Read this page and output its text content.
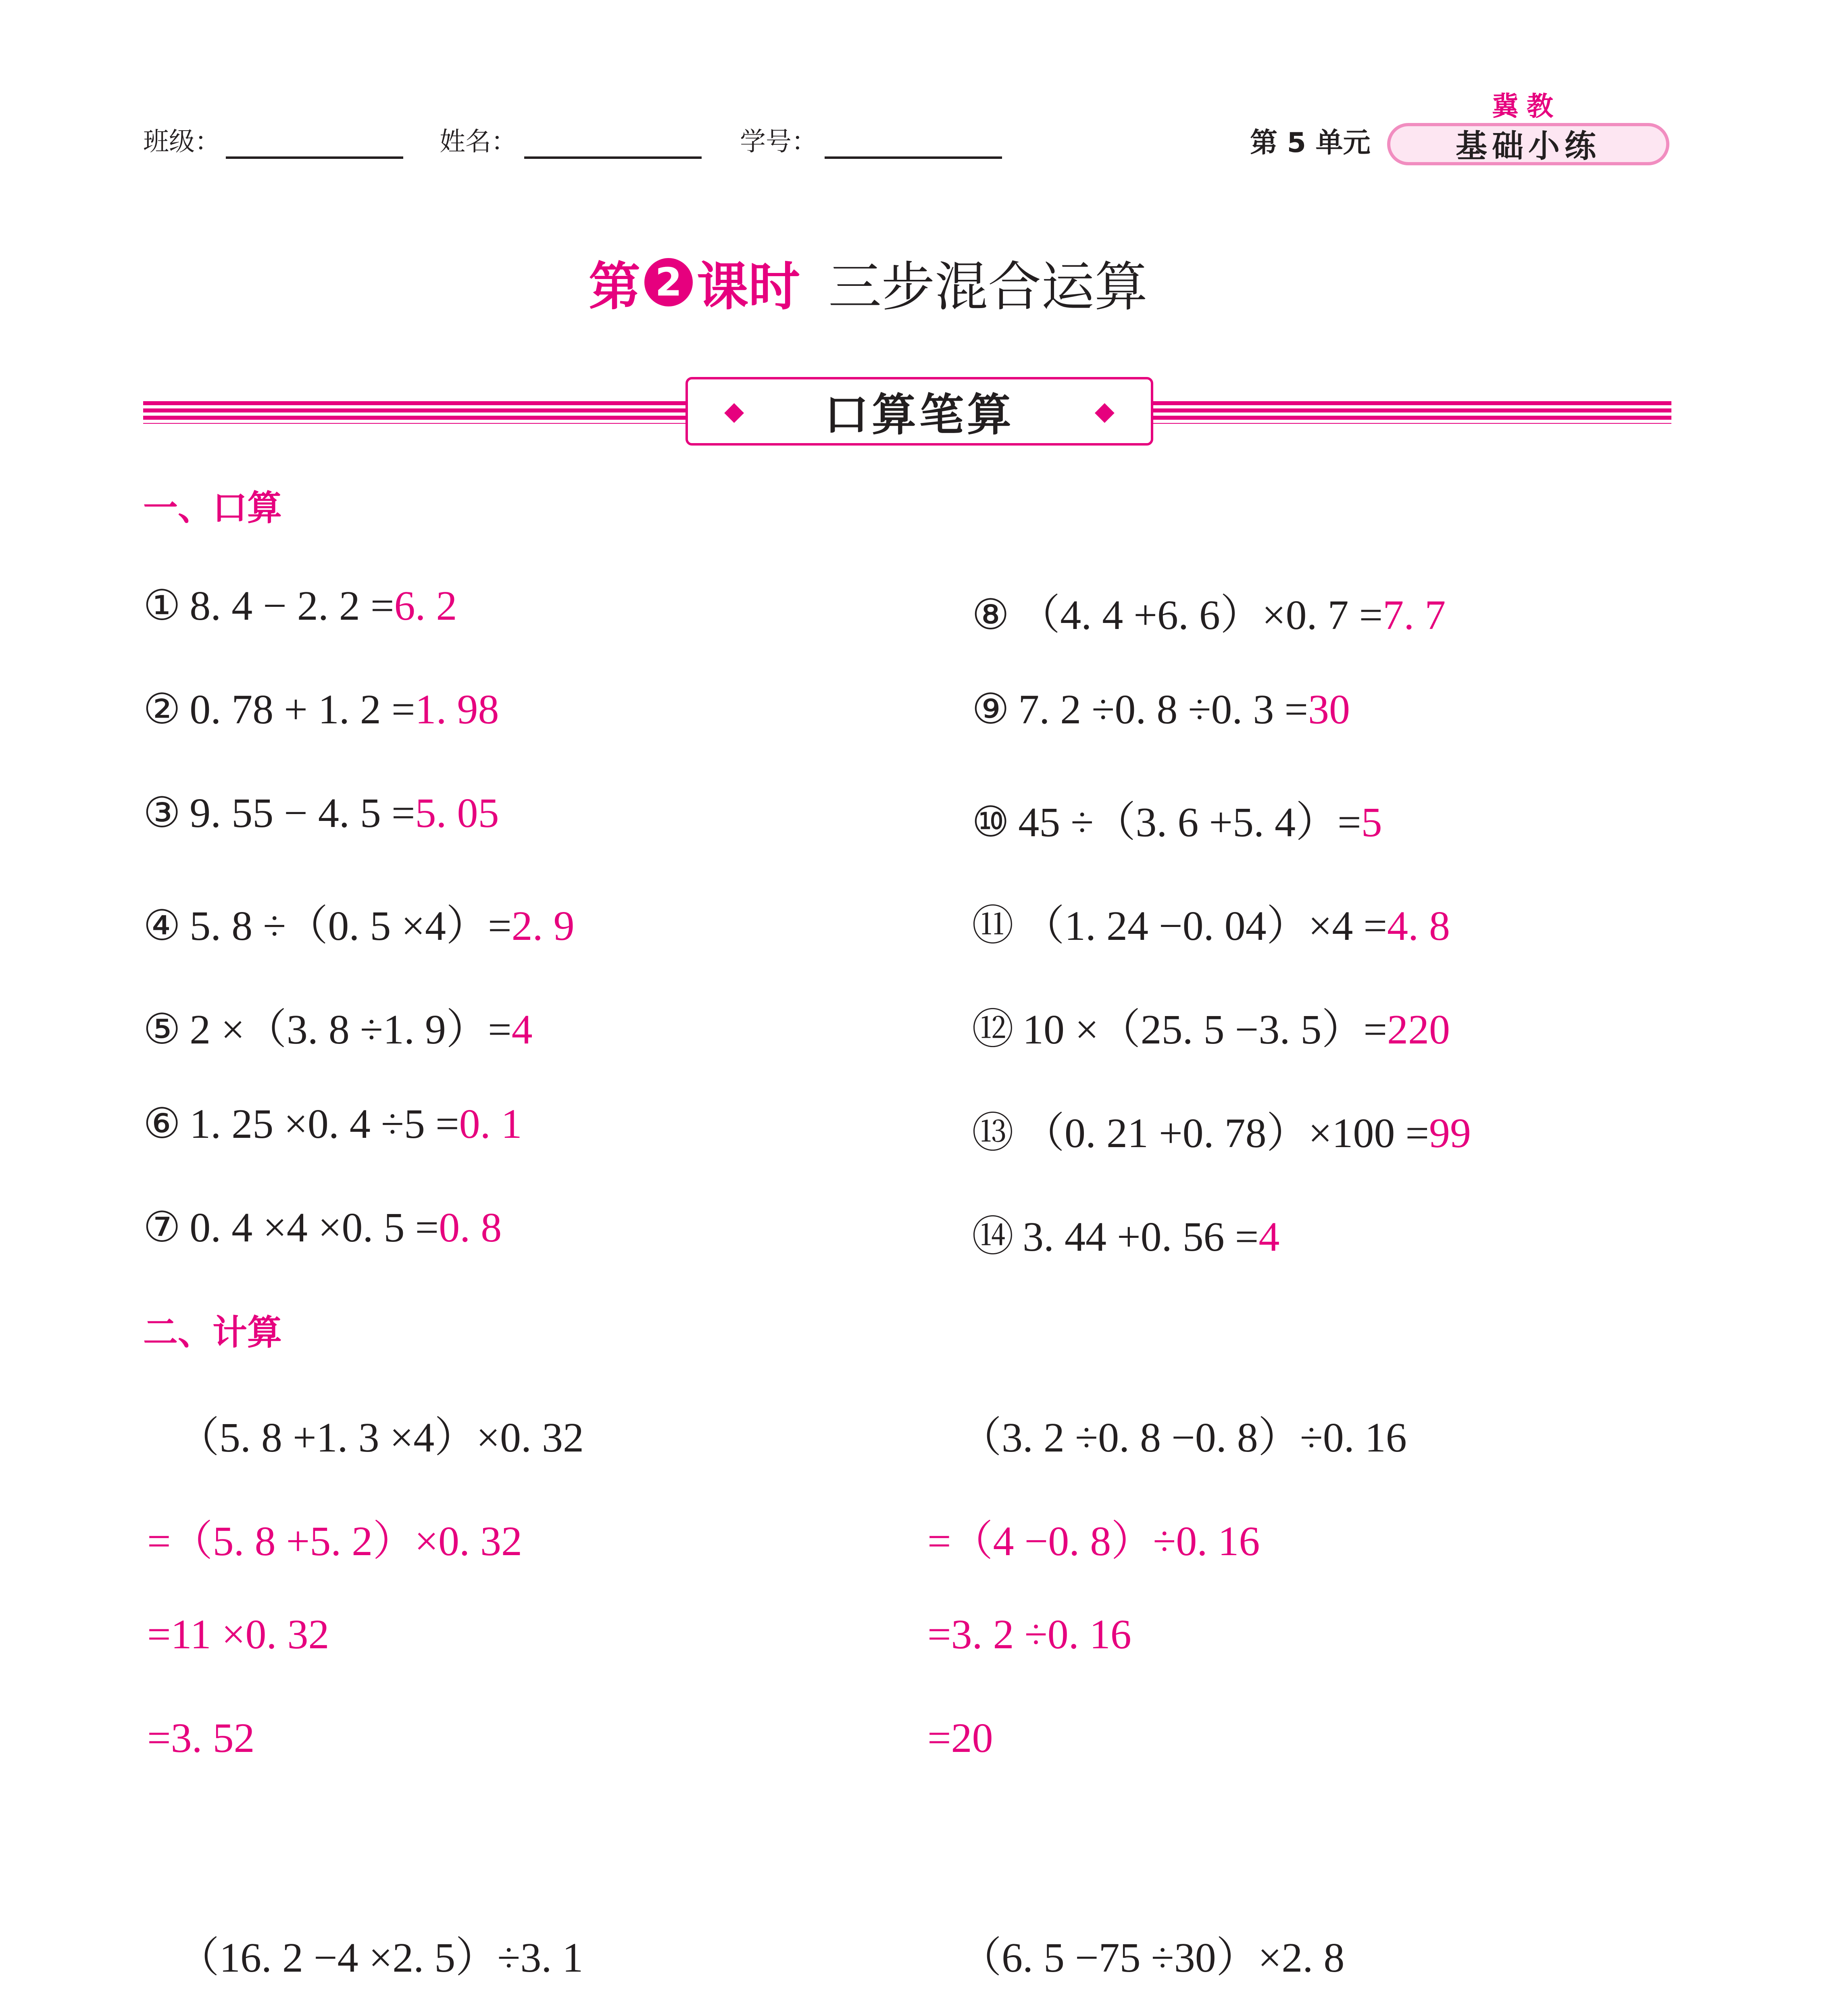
班级：	姓名：	学号：	第 5 单元
冀教
基础小练
第 2 课时 三步混合运算
◆ 口算笔算	◆
一、口算
① 8. 4 − 2. 2 =6. 2
② 0. 78 + 1. 2 =1. 98
③ 9. 55 − 4. 5 =5. 05
④ 5. 8 ÷（0. 5 ×4）=2. 9
⑤ 2 ×（3. 8 ÷1. 9）=4
⑥ 1. 25 ×0. 4 ÷5 =0. 1
⑦ 0. 4 ×4 ×0. 5 =0. 8
⑧ （4. 4 +6. 6）×0. 7 =7. 7
⑨ 7. 2 ÷0. 8 ÷0. 3 =30
⑩ 45 ÷（3. 6 +5. 4）=5
⑪ （1. 24 −0. 04）×4 =4. 8
⑫ 10 ×（25. 5 −3. 5）=220
⑬ （0. 21 +0. 78）×100 =99
⑭ 3. 44 +0. 56 =4
二、计算
（5. 8 +1. 3 ×4）×0. 32
=（5. 8 +5. 2）×0. 32
=11 ×0. 32
=3. 52
（3. 2 ÷0. 8 −0. 8）÷0. 16
=（4 −0. 8）÷0. 16
=3. 2 ÷0. 16
=20
（16. 2 −4 ×2. 5）÷3. 1	（6. 5 −75 ÷30）×2. 8
